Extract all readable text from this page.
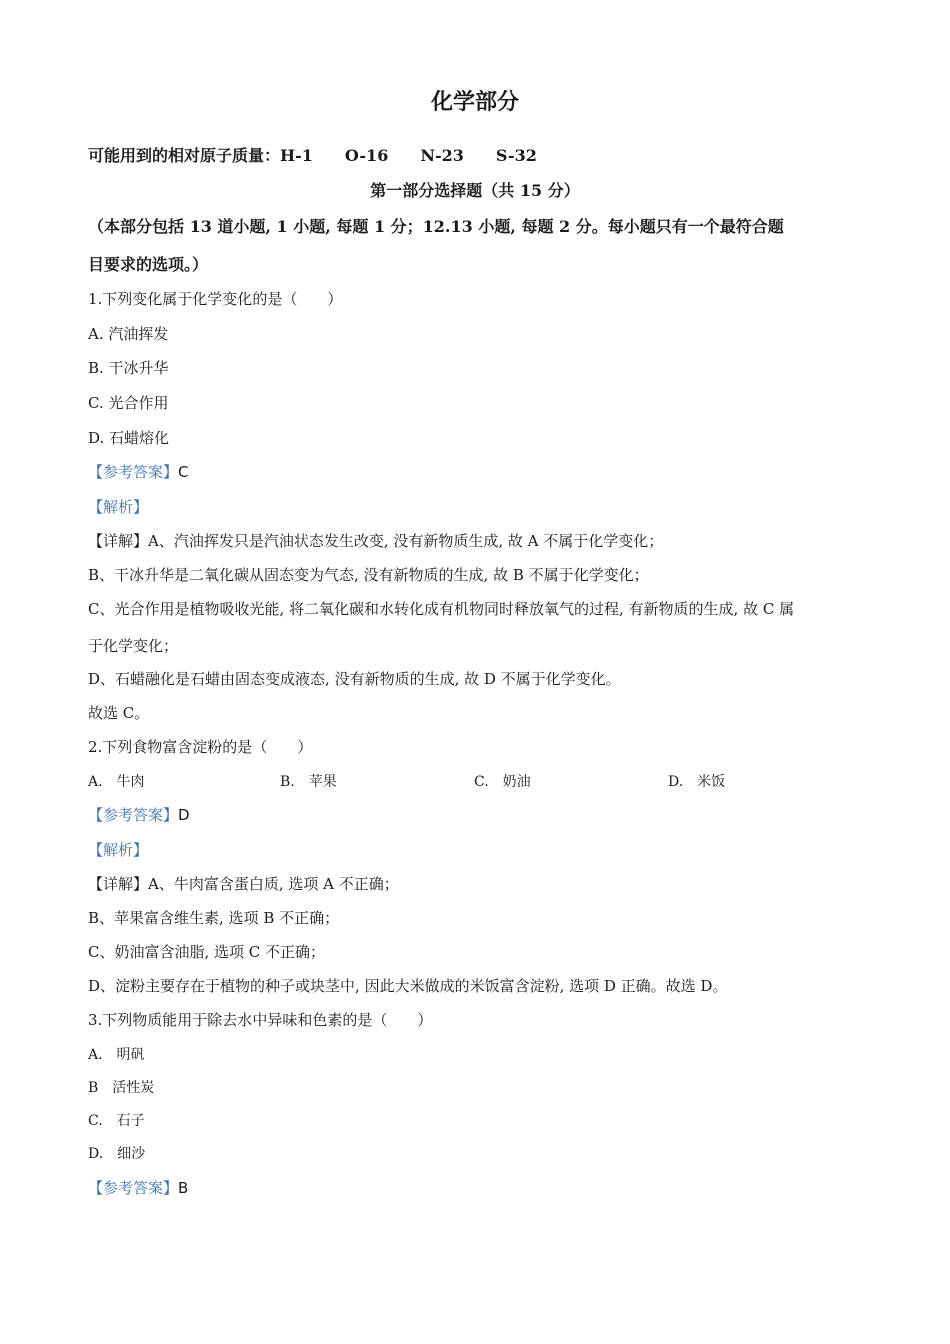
化学部分
可能用到的相对原子质量：H-1　　O-16　　N-23　　S-32
第一部分选择题（共 15 分）
（本部分包括 13 道小题, 1 小题, 每题 1 分；12.13 小题, 每题 2 分。每小题只有一个最符合题
目要求的选项。）
1.下列变化属于化学变化的是（　　）
A. 汽油挥发
B. 干冰升华
C. 光合作用
D. 石蜡熔化
【参考答案】C
【解析】
【详解】A、汽油挥发只是汽油状态发生改变, 没有新物质生成, 故 A 不属于化学变化；
B、干冰升华是二氧化碳从固态变为气态, 没有新物质的生成, 故 B 不属于化学变化；
C、光合作用是植物吸收光能, 将二氧化碳和水转化成有机物同时释放氧气的过程, 有新物质的生成, 故 C 属
于化学变化；
D、石蜡融化是石蜡由固态变成液态, 没有新物质的生成, 故 D 不属于化学变化。
故选 C。
2.下列食物富含淀粉的是（　　）
A.　牛肉	B.　苹果	C.　奶油	D.　米饭
【参考答案】D
【解析】
【详解】A、牛肉富含蛋白质, 选项 A 不正确；
B、苹果富含维生素, 选项 B 不正确；
C、奶油富含油脂, 选项 C 不正确；
D、淀粉主要存在于植物的种子或块茎中, 因此大米做成的米饭富含淀粉, 选项 D 正确。故选 D。
3.下列物质能用于除去水中异味和色素的是（　　）
A.　明矾
B　活性炭
C.　石子
D.　细沙
【参考答案】B
